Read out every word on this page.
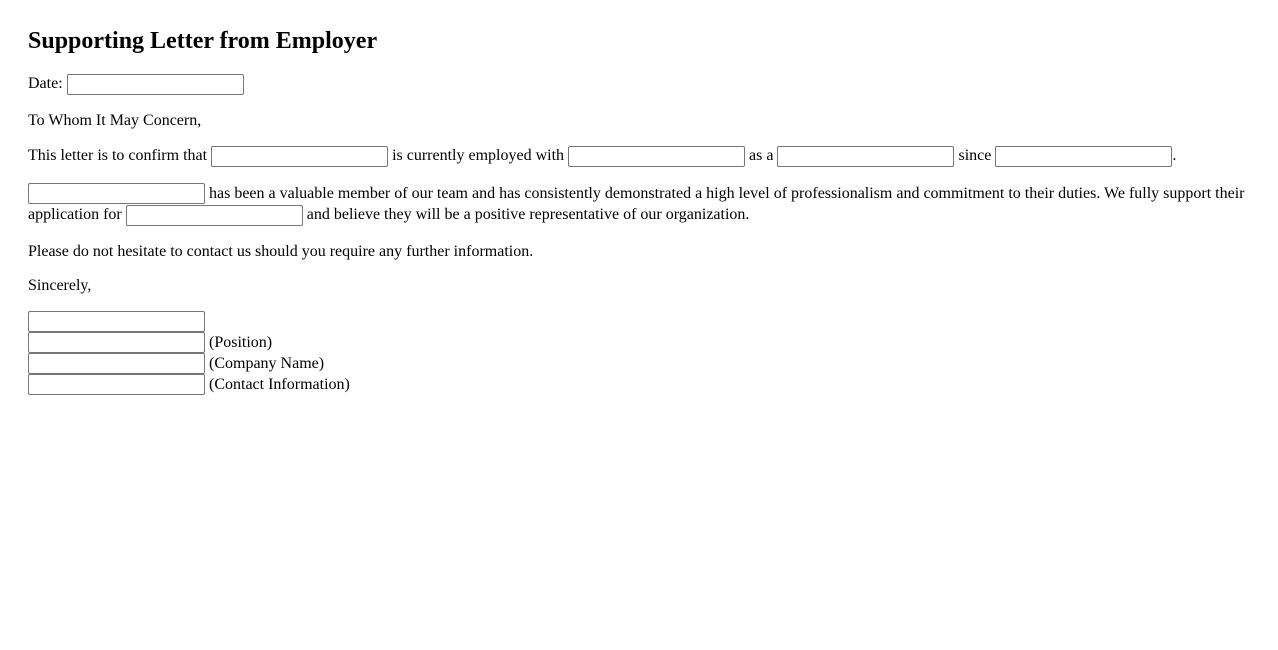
Supporting Letter from Employer

Date:

To Whom It May Concern,

This letter is to confirm that	is currently employed with	as a	since	.

has been a valuable member of our team and has consistently demonstrated a high level of professionalism and commitment to their duties. We fully support their application for	and believe they will be a positive representative of our organization.

Please do not hesitate to contact us should you require any further information.

Sincerely,

(Position)
(Company Name)
(Contact Information)
